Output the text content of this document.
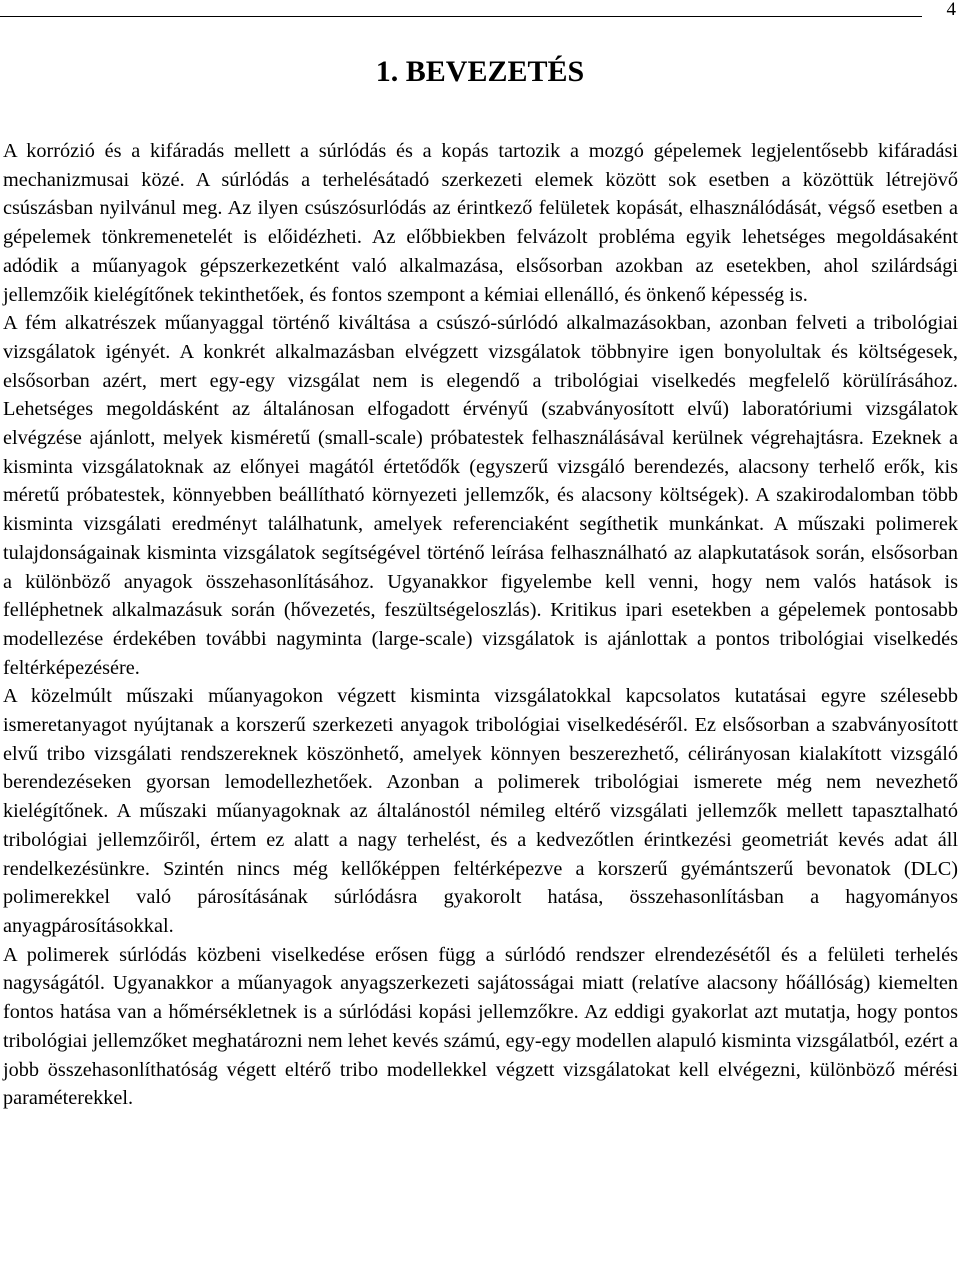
4
1. BEVEZETÉS

A korrózió és a kifáradás mellett a súrlódás és a kopás tartozik a mozgó gépelemek legjelentősebb kifáradási mechanizmusai közé. A súrlódás a terhelésátadó szerkezeti elemek között sok esetben a közöttük létrejövő csúszásban nyilvánul meg. Az ilyen csúszósurlódás az érintkező felületek kopását, elhasználódását, végső esetben a gépelemek tönkremenetelét is előidézheti. Az előbbiekben felvázolt probléma egyik lehetséges megoldásaként adódik a műanyagok gépszerkezetként való alkalmazása, elsősorban azokban az esetekben, ahol szilárdsági jellemzőik kielégítőnek tekinthetőek, és fontos szempont a kémiai ellenálló, és önkenő képesség is.

A fém alkatrészek műanyaggal történő kiváltása a csúszó-súrlódó alkalmazásokban, azonban felveti a tribológiai vizsgálatok igényét. A konkrét alkalmazásban elvégzett vizsgálatok többnyire igen bonyolultak és költségesek, elsősorban azért, mert egy-egy vizsgálat nem is elegendő a tribológiai viselkedés megfelelő körülírásához. Lehetséges megoldásként az általánosan elfogadott érvényű (szabványosított elvű) laboratóriumi vizsgálatok elvégzése ajánlott, melyek kisméretű (small-scale) próbatestek felhasználásával kerülnek végrehajtásra. Ezeknek a kisminta vizsgálatoknak az előnyei magától értetődők (egyszerű vizsgáló berendezés, alacsony terhelő erők, kis méretű próbatestek, könnyebben beállítható környezeti jellemzők, és alacsony költségek). A szakirodalomban több kisminta vizsgálati eredményt találhatunk, amelyek referenciaként segíthetik munkánkat. A műszaki polimerek tulajdonságainak kisminta vizsgálatok segítségével történő leírása felhasználható az alapkutatások során, elsősorban a különböző anyagok összehasonlításához. Ugyanakkor figyelembe kell venni, hogy nem valós hatások is felléphetnek alkalmazásuk során (hővezetés, feszültségeloszlás). Kritikus ipari esetekben a gépelemek pontosabb modellezése érdekében további nagyminta (large-scale) vizsgálatok is ajánlottak a pontos tribológiai viselkedés feltérképezésére.

A közelmúlt műszaki műanyagokon végzett kisminta vizsgálatokkal kapcsolatos kutatásai egyre szélesebb ismeretanyagot nyújtanak a korszerű szerkezeti anyagok tribológiai viselkedéséről. Ez elsősorban a szabványosított elvű tribo vizsgálati rendszereknek köszönhető, amelyek könnyen beszerezhető, célirányosan kialakított vizsgáló berendezéseken gyorsan lemodellezhetőek. Azonban a polimerek tribológiai ismerete még nem nevezhető kielégítőnek. A műszaki műanyagoknak az általánostól némileg eltérő vizsgálati jellemzők mellett tapasztalható tribológiai jellemzőiről, értem ez alatt a nagy terhelést, és a kedvezőtlen érintkezési geometriát kevés adat áll rendelkezésünkre. Szintén nincs még kellőképpen feltérképezve a korszerű gyémántszerű bevonatok (DLC) polimerekkel való párosításának súrlódásra gyakorolt hatása, összehasonlításban a hagyományos anyagpárosításokkal.

A polimerek súrlódás közbeni viselkedése erősen függ a súrlódó rendszer elrendezésétől és a felületi terhelés nagyságától. Ugyanakkor a műanyagok anyagszerkezeti sajátosságai miatt (relatíve alacsony hőállóság) kiemelten fontos hatása van a hőmérsékletnek is a súrlódási kopási jellemzőkre. Az eddigi gyakorlat azt mutatja, hogy pontos tribológiai jellemzőket meghatározni nem lehet kevés számú, egy-egy modellen alapuló kisminta vizsgálatból, ezért a jobb összehasonlíthatóság végett eltérő tribo modellekkel végzett vizsgálatokat kell elvégezni, különböző mérési paraméterekkel.
